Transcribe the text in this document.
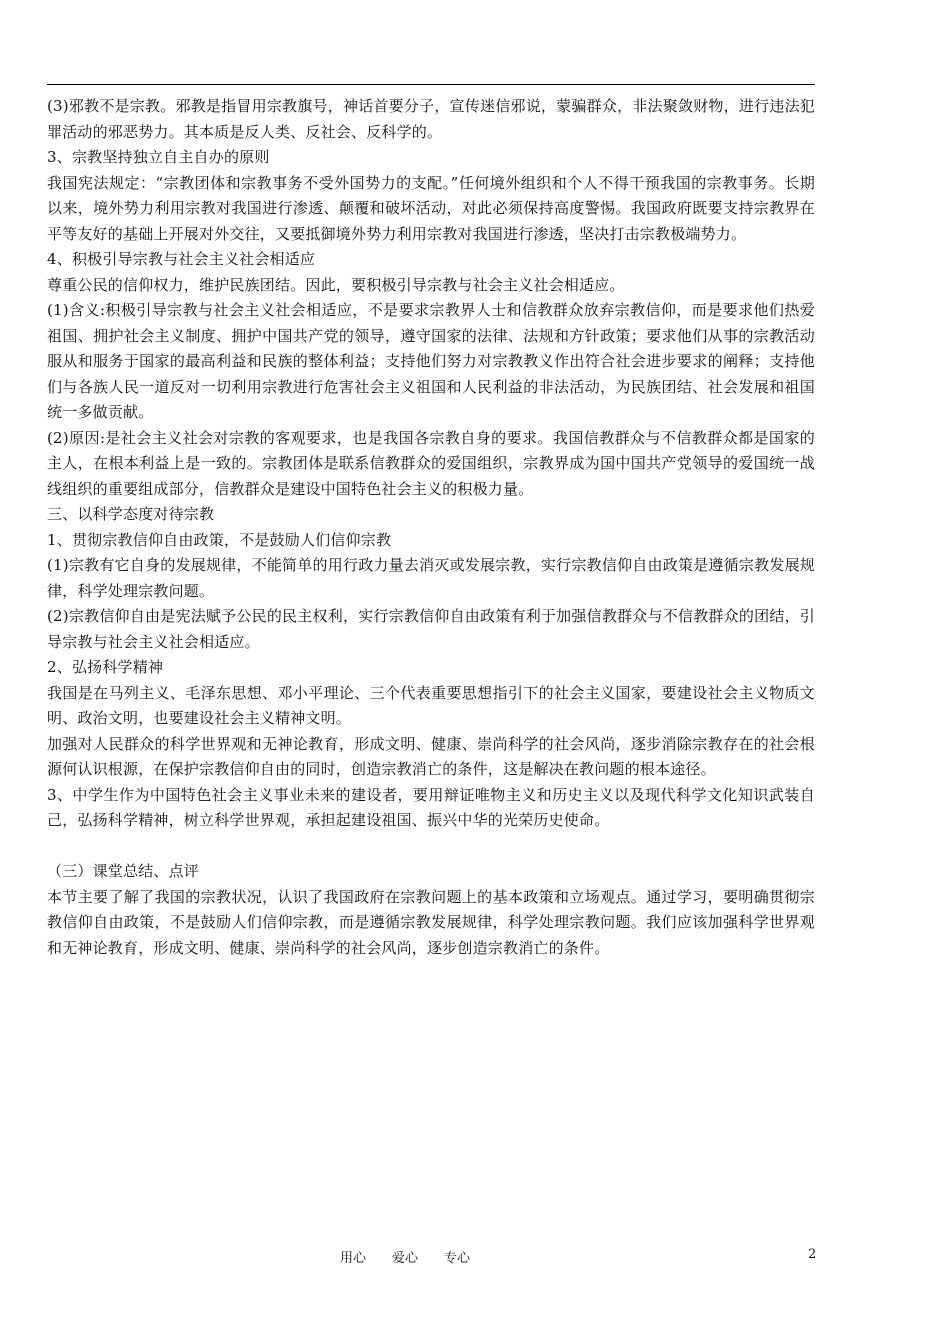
(3)邪教不是宗教。邪教是指冒用宗教旗号，神话首要分子，宣传迷信邪说，蒙骗群众，非法聚敛财物，进行违法犯罪活动的邪恶势力。其本质是反人类、反社会、反科学的。

3、宗教坚持独立自主自办的原则

我国宪法规定：“宗教团体和宗教事务不受外国势力的支配。”任何境外组织和个人不得干预我国的宗教事务。长期以来，境外势力利用宗教对我国进行渗透、颠覆和破坏活动，对此必须保持高度警惕。我国政府既要支持宗教界在平等友好的基础上开展对外交往，又要抵御境外势力利用宗教对我国进行渗透，坚决打击宗教极端势力。

4、积极引导宗教与社会主义社会相适应

尊重公民的信仰权力，维护民族团结。因此，要积极引导宗教与社会主义社会相适应。

(1)含义:积极引导宗教与社会主义社会相适应，不是要求宗教界人士和信教群众放弃宗教信仰，而是要求他们热爱祖国、拥护社会主义制度、拥护中国共产党的领导，遵守国家的法律、法规和方针政策；要求他们从事的宗教活动服从和服务于国家的最高利益和民族的整体利益；支持他们努力对宗教教义作出符合社会进步要求的阐释；支持他们与各族人民一道反对一切利用宗教进行危害社会主义祖国和人民利益的非法活动，为民族团结、社会发展和祖国统一多做贡献。

(2)原因:是社会主义社会对宗教的客观要求，也是我国各宗教自身的要求。我国信教群众与不信教群众都是国家的主人，在根本利益上是一致的。宗教团体是联系信教群众的爱国组织，宗教界成为国中国共产党领导的爱国统一战线组织的重要组成部分，信教群众是建设中国特色社会主义的积极力量。

三、以科学态度对待宗教

1、贯彻宗教信仰自由政策，不是鼓励人们信仰宗教

(1)宗教有它自身的发展规律，不能简单的用行政力量去消灭或发展宗教，实行宗教信仰自由政策是遵循宗教发展规律，科学处理宗教问题。

(2)宗教信仰自由是宪法赋予公民的民主权利，实行宗教信仰自由政策有利于加强信教群众与不信教群众的团结，引导宗教与社会主义社会相适应。

2、弘扬科学精神

我国是在马列主义、毛泽东思想、邓小平理论、三个代表重要思想指引下的社会主义国家，要建设社会主义物质文明、政治文明，也要建设社会主义精神文明。

加强对人民群众的科学世界观和无神论教育，形成文明、健康、崇尚科学的社会风尚，逐步消除宗教存在的社会根源何认识根源，在保护宗教信仰自由的同时，创造宗教消亡的条件，这是解决在教问题的根本途径。

3、中学生作为中国特色社会主义事业未来的建设者，要用辩证唯物主义和历史主义以及现代科学文化知识武装自己，弘扬科学精神，树立科学世界观，承担起建设祖国、振兴中华的光荣历史使命。

（三）课堂总结、点评

本节主要了解了我国的宗教状况，认识了我国政府在宗教问题上的基本政策和立场观点。通过学习，要明确贯彻宗教信仰自由政策，不是鼓励人们信仰宗教，而是遵循宗教发展规律，科学处理宗教问题。我们应该加强科学世界观和无神论教育，形成文明、健康、崇尚科学的社会风尚，逐步创造宗教消亡的条件。

用心 爱心 专心	2
